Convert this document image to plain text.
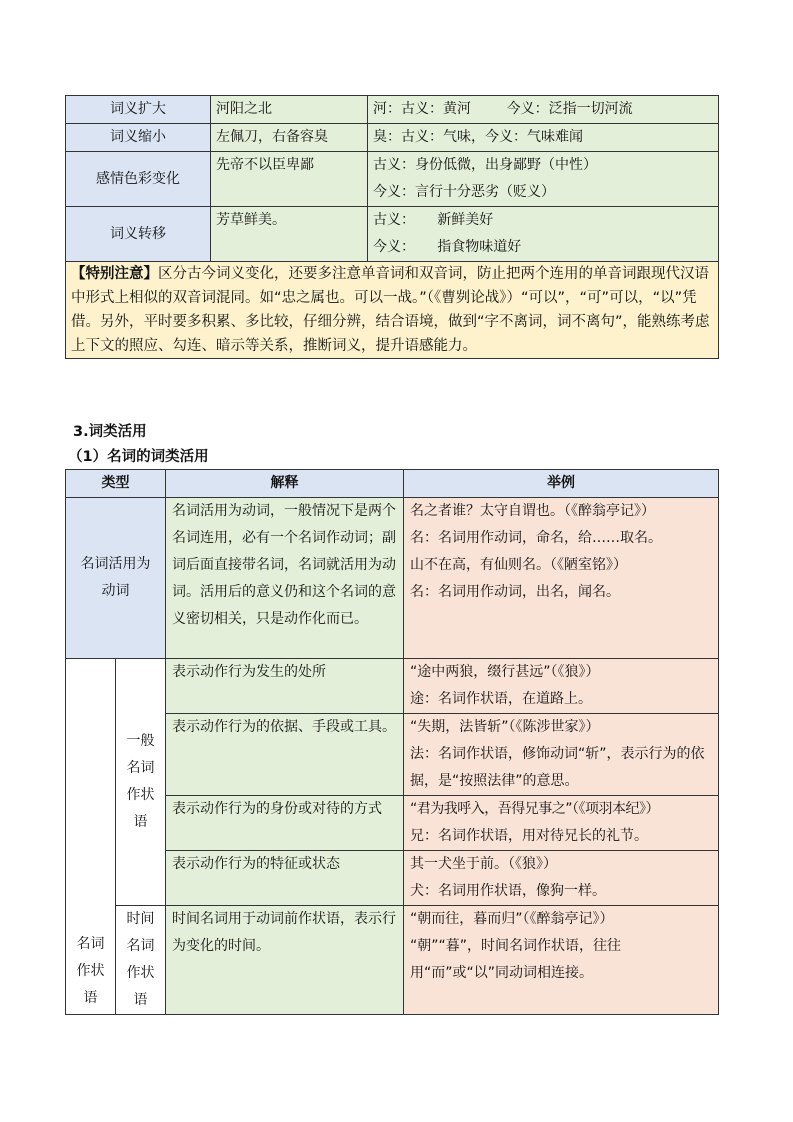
词义扩大	河阳之北	河：古义：黄河        今义：泛指一切河流
词义缩小	左佩刀，右备容臭	臭：古义：气味，今义：气味难闻
感情色彩变化	先帝不以臣卑鄙	古义：身份低微，出身鄙野（中性）
今义：言行十分恶劣（贬义）

词义转移	芳草鲜美。	古义：     新鲜美好
今义：     指食物味道好

【特别注意】区分古今词义变化，还要多注意单音词和双音词，防止把两个连用的单音词跟现代汉语中形式上相似的双音词混同。如“忠之属也。可以一战。”（《曹刿论战》）“可以”，“可”可以，“以”凭借。另外，平时要多积累、多比较，仔细分辨，结合语境，做到“字不离词，词不离句”，能熟练考虑上下文的照应、勾连、暗示等关系，推断词义，提升语感能力。		
3.词类活用
（1）名词的词类活用
类型		解释	举例
名词活用为动词		名词活用为动词，一般情况下是两个名词连用，必有一个名词作动词；副词后面直接带名词，名词就活用为动词。活用后的意义仍和这个名词的意义密切相关，只是动作化而已。	名之者谁？太守自谓也。（《醉翁亭记》）
名：名词用作动词，命名，给……取名。
山不在高，有仙则名。（《陋室铭》）
名：名词用作动词，出名，闻名。

名词作状语	一般名词作状语	表示动作行为发生的处所	“途中两狼，缀行甚远”（《狼》）
途：名词作状语，在道路上。

		表示动作行为的依据、手段或工具。	“失期，法皆斩”（《陈涉世家》）
法：名词作状语，修饰动词“斩”，表示行为的依据，是“按照法律”的意思。

		表示动作行为的身份或对待的方式	“君为我呼入，吾得兄事之”（《项羽本纪》）
兄：名词作状语，用对待兄长的礼节。

		表示动作行为的特征或状态	其一犬坐于前。（《狼》）
犬：名词用作状语，像狗一样。

	时间名词作状语	时间名词用于动词前作状语，表示行为变化的时间。	“朝而往，暮而归”（《醉翁亭记》）
“朝”“暮”，时间名词作状语，往往用“而”或“以”同动词相连接。
